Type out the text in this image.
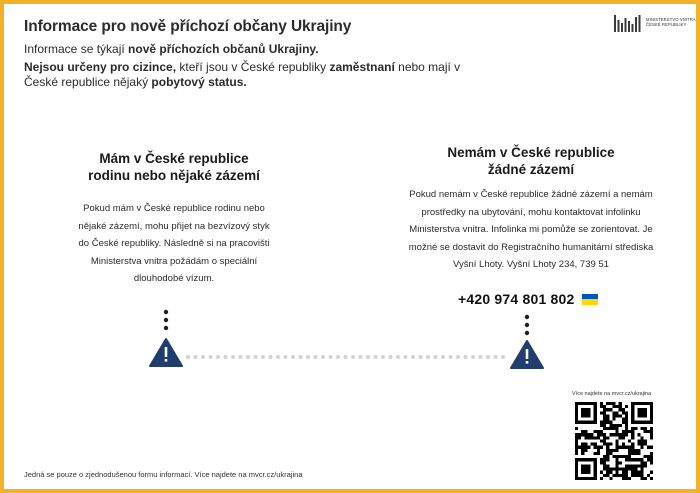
Informace pro nově příchozí občany Ukrajiny
Informace se týkají nově příchozích občanů Ukrajiny.
Nejsou určeny pro cizince, kteří jsou v České republiky zaměstnaní nebo mají v České republice nějaký pobytový status.
MINISTERSTVO VNITRA
ČESKÉ REPUBLIKY
Mám v České republice
rodinu nebo nějaké zázemí

Pokud mám v České republice rodinu nebo nějaké zázemí, mohu přijet na bezvízový styk do České republiky. Následně si na pracovišti Ministerstva vnitra požádám o speciální dlouhodobé vízum.

Nemám v České republice
žádné zázemí

Pokud nemám v České republice žádné zázemí a nemám prostředky na ubytování, mohu kontaktovat infolinku Ministerstva vnitra. Infolinka mi pomůže se zorientovat. Je možné se dostavit do Registračního humanitární střediska Vyšní Lhoty. Vyšní Lhoty 234, 739 51

+420 974 801 802
Jedná se pouze o zjednodušenou formu informací. Více najdete na mvcr.cz/ukrajina
Více najdete na mvcr.cz/ukrajina
